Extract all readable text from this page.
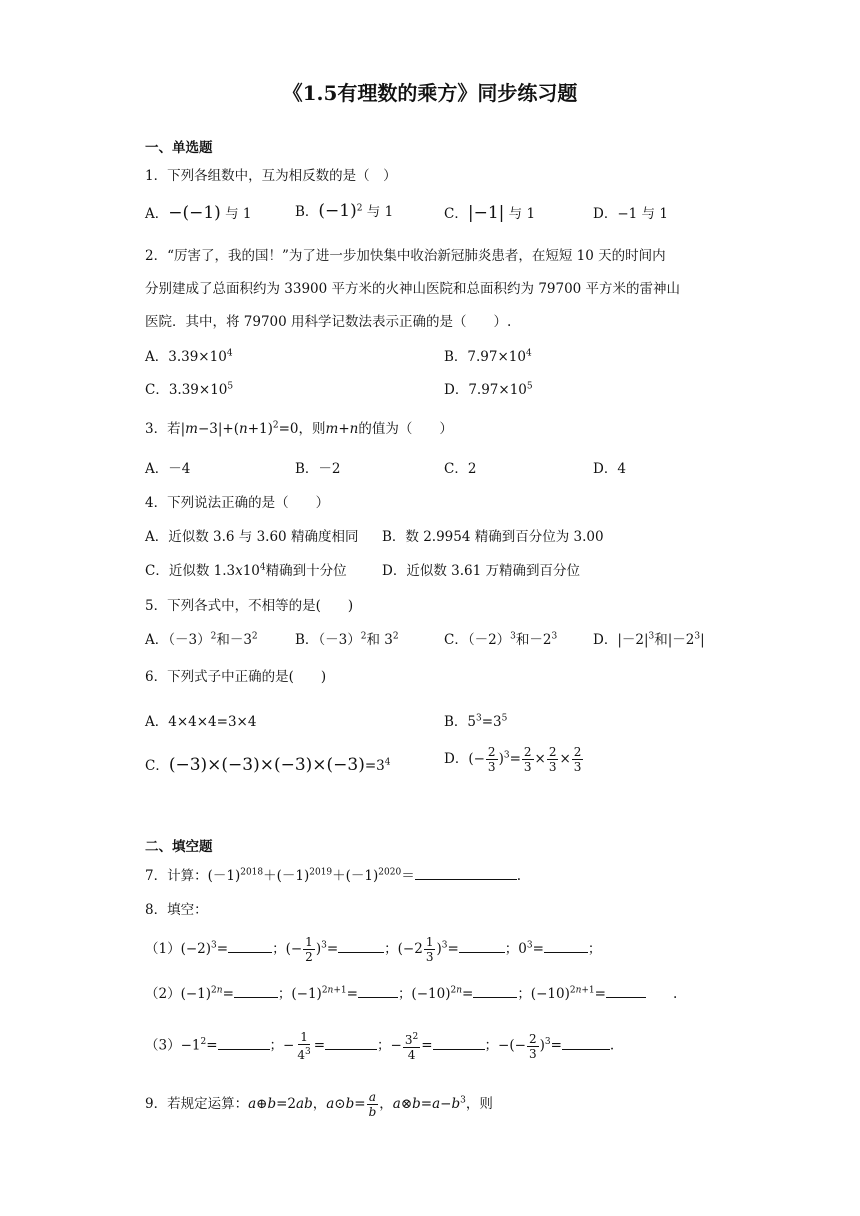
《1.5有理数的乘方》同步练习题
一、单选题
1．下列各组数中，互为相反数的是（　）
A．−(−1) 与 1	B．$(-1)^2$ 与 1	C．|−1| 与 1	D．−1 与 1
2．“厉害了，我的国！”为了进一步加快集中收治新冠肺炎患者，在短短 10 天的时间内
分别建成了总面积约为 33900 平方米的火神山医院和总面积约为 79700 平方米的雷神山
医院．其中，将 79700 用科学记数法表示正确的是（　　）.
A．$3.39\times 10^4$	B．$7.97\times 10^4$
C．$3.39\times 10^5$	D．$7.97\times 10^5$
3．若$|m-3|+(n+1)^2=0$，则m+n的值为（　　）
A．－4	B．－2	C．2	D．4
4．下列说法正确的是（　　）
A．近似数 3.6 与 3.60 精确度相同 B．数 2.9954 精确到百分位为 3.00
C．近似数 $1.3x10^4$精确到十分位	D．近似数 3.61 万精确到百分位
5．下列各式中，不相等的是(　　)
A．$(-3)^2$和$-3^2$	B．$(-3)^2$和 $3^2$	C．$(-2)^3$和$-2^3$	D．$|-2|^3$和$|-2^3|$
6．下列式子中正确的是(　　)
A．4×4×4=3×4	B．$5^3=3^5$
C．$(-3)\times(-3)\times(-3)\times(-3)=3^4$	D．(− $\frac{2}{3} )^3= \frac{2}{3} \times \frac{2}{3} \times \frac{2}{3}$
二、填空题
7．计算：$(-1)^{2018}+(-1)^{2019}+(-1)^{2020}=$	.
8．填空：
$(1)(-2)^3=$	；(− $\frac{1}{2} )^3=$	；$(-2 \frac{1}{3} )^3=$	；$0^3=$	；
$(2)(-1)^{2n}=$	；$(-1)^{2n+1}=$	；$(-10)^{2n}=$	；$(-10)^{2n+1}=$	　　.
$(3)-1^2=$	；− $\frac{1}{4^3}$ =	；− $\frac{3^2}{4}$ =	；−(− $\frac{2}{3} )^3=$	.
9．若规定运算：a⊕b=2ab，a⊙b= $\frac{a}{b}$ ，$a\otimes b=a-b^3$，则
